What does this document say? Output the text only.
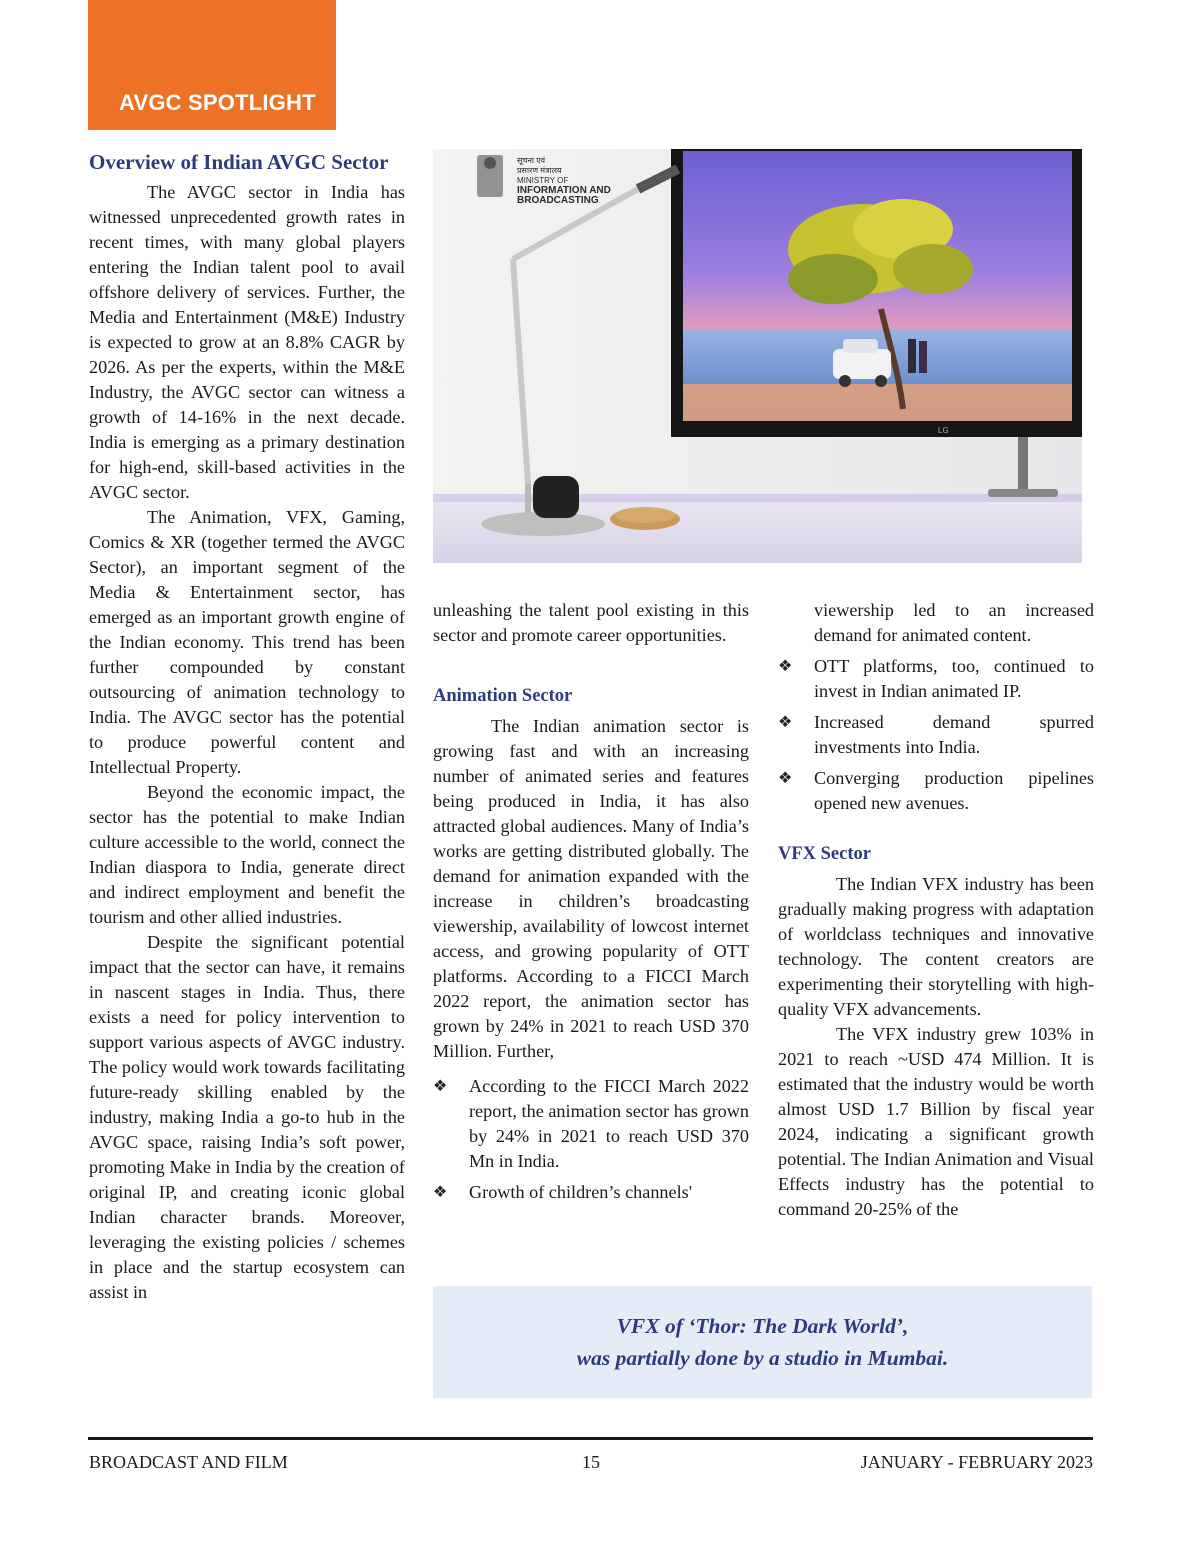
AVGC SPOTLIGHT
Overview of Indian AVGC Sector

The AVGC sector in India has witnessed unprecedented growth rates in recent times, with many global players entering the Indian talent pool to avail offshore delivery of services. Further, the Media and Entertainment (M&E) Industry is expected to grow at an 8.8% CAGR by 2026. As per the experts, within the M&E Industry, the AVGC sector can witness a growth of 14-16% in the next decade. India is emerging as a primary destination for high-end, skill-based activities in the AVGC sector.

The Animation, VFX, Gaming, Comics & XR (together termed the AVGC Sector), an important segment of the Media & Entertainment sector, has emerged as an important growth engine of the Indian economy. This trend has been further compounded by constant outsourcing of animation technology to India. The AVGC sector has the potential to produce powerful content and Intellectual Property.

Beyond the economic impact, the sector has the potential to make Indian culture accessible to the world, connect the Indian diaspora to India, generate direct and indirect employment and benefit the tourism and other allied industries.

Despite the significant potential impact that the sector can have, it remains in nascent stages in India. Thus, there exists a need for policy intervention to support various aspects of AVGC industry. The policy would work towards facilitating future-ready skilling enabled by the industry, making India a go-to hub in the AVGC space, raising India’s soft power, promoting Make in India by the creation of original IP, and creating iconic global Indian character brands. Moreover, leveraging the existing policies / schemes in place and the startup ecosystem can assist in

LG
सूचना एवं
प्रसारण मंत्रालय
MINISTRY OF
INFORMATION AND
BROADCASTING

unleashing the talent pool existing in this sector and promote career opportunities.

Animation Sector

The Indian animation sector is growing fast and with an increasing number of animated series and features being produced in India, it has also attracted global audiences. Many of India’s works are getting distributed globally. The demand for animation expanded with the increase in children’s broadcasting viewership, availability of lowcost internet access, and growing popularity of OTT platforms. According to a FICCI March 2022 report, the animation sector has grown by 24% in 2021 to reach USD 370 Million. Further,

❖ According to the FICCI March 2022 report, the animation sector has grown by 24% in 2021 to reach USD 370 Mn in India.
❖ Growth of children’s channels'
viewership led to an increased demand for animated content.
❖ OTT platforms, too, continued to invest in Indian animated IP.
❖ Increased demand spurred investments into India.
❖ Converging production pipelines opened new avenues.
VFX Sector

The Indian VFX industry has been gradually making progress with adaptation of worldclass techniques and innovative technology. The content creators are experimenting their storytelling with high-quality VFX advancements.

The VFX industry grew 103% in 2021 to reach ~USD 474 Million. It is estimated that the industry would be worth almost USD 1.7 Billion by fiscal year 2024, indicating a significant growth potential. The Indian Animation and Visual Effects industry has the potential to command 20-25% of the

VFX of ‘Thor: The Dark World’,
was partially done by a studio in Mumbai.

BROADCAST AND FILM	15	JANUARY - FEBRUARY 2023
